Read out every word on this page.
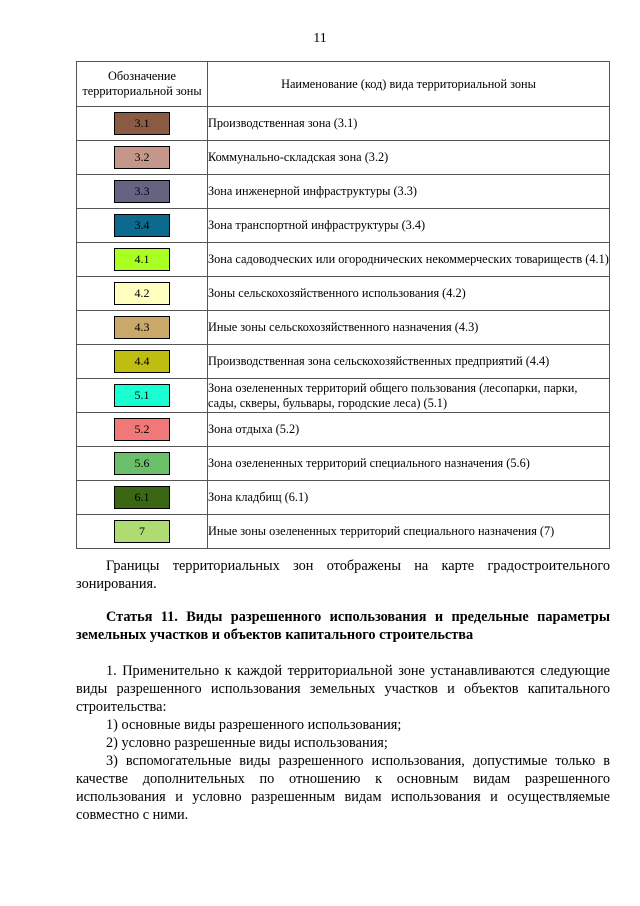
11
Обозначение территориальной зоны	Наименование (код) вида территориальной зоны

3.1	Производственная зона (3.1)

3.2	Коммунально-складская зона (3.2)

3.3	Зона инженерной инфраструктуры (3.3)

3.4	Зона транспортной инфраструктуры (3.4)

4.1	Зона садоводческих или огороднических некоммерческих товариществ (4.1)

4.2	Зоны сельскохозяйственного использования (4.2)

4.3	Иные зоны сельскохозяйственного назначения (4.3)

4.4	Производственная зона сельскохозяйственных предприятий (4.4)

5.1	Зона озелененных территорий общего пользования (лесопарки, парки, сады, скверы, бульвары, городские леса) (5.1)

5.2	Зона отдыха (5.2)

5.6	Зона озелененных территорий специального назначения (5.6)

6.1	Зона кладбищ (6.1)

7	Иные зоны озелененных территорий специального назначения (7)

Границы территориальных зон отображены на карте градостроительного зонирования.

Статья 11. Виды разрешенного использования и предельные параметры земельных участков и объектов капитального строительства

1. Применительно к каждой территориальной зоне устанавливаются следующие виды разрешенного использования земельных участков и объектов капитального строительства:

1) основные виды разрешенного использования;

2) условно разрешенные виды использования;

3) вспомогательные виды разрешенного использования, допустимые только в качестве дополнительных по отношению к основным видам разрешенного использования и условно разрешенным видам использования и осуществляемые совместно с ними.
